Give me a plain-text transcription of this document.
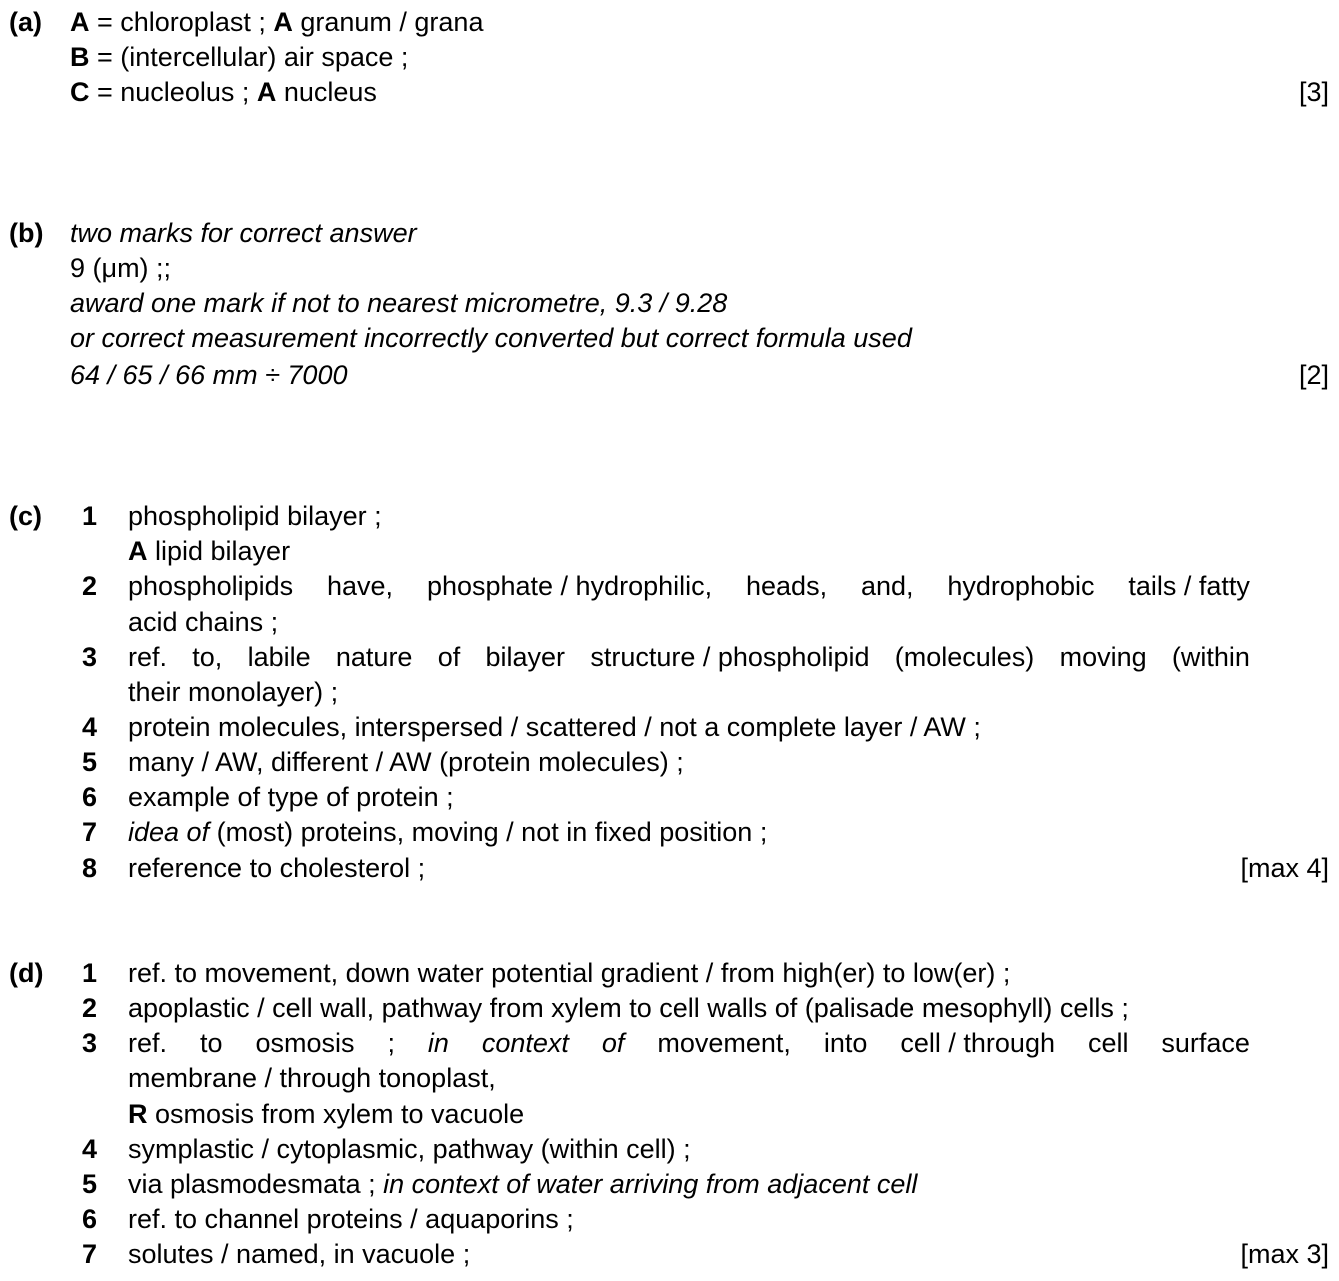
(a) A = chloroplast ; A granum / grana
B = (intercellular) air space ;
C = nucleolus ; A nucleus	[3]
(b) two marks for correct answer
9 (μm) ;;
award one mark if not to nearest micrometre, 9.3 / 9.28
or correct measurement incorrectly converted but correct formula used
64 / 65 / 66 mm ÷ 7000	[2]
(c) 1 phospholipid bilayer ;
A lipid bilayer
2 phospholipids have, phosphate / hydrophilic, heads, and, hydrophobic tails / fatty
acid chains ;
3 ref. to, labile nature of bilayer structure / phospholipid (molecules) moving (within
their monolayer) ;
4 protein molecules, interspersed / scattered / not a complete layer / AW ;
5 many / AW, different / AW (protein molecules) ;
6 example of type of protein ;
7 idea of (most) proteins, moving / not in fixed position ;
8 reference to cholesterol ;	[max 4]
(d) 1 ref. to movement, down water potential gradient / from high(er) to low(er) ;
2 apoplastic / cell wall, pathway from xylem to cell walls of (palisade mesophyll) cells ;
3 ref. to osmosis ; in context of movement, into cell / through cell surface
membrane / through tonoplast,
R osmosis from xylem to vacuole
4 symplastic / cytoplasmic, pathway (within cell) ;
5 via plasmodesmata ; in context of water arriving from adjacent cell
6 ref. to channel proteins / aquaporins ;
7 solutes / named, in vacuole ;	[max 3]
